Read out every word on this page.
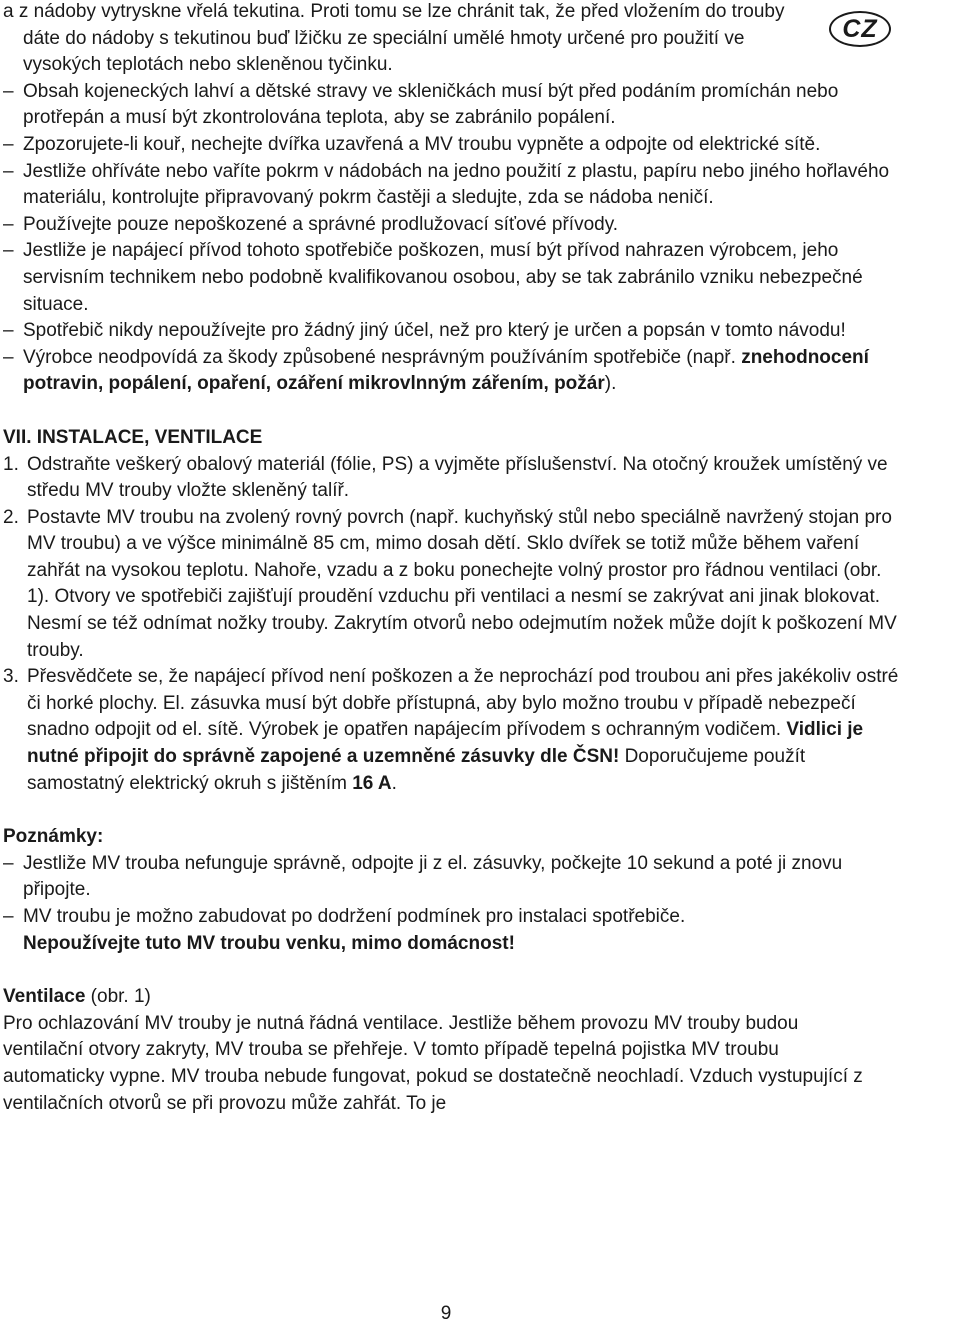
CZ

a z nádoby vytryskne vřelá tekutina. Proti tomu se lze chránit tak, že před vložením do trouby dáte do nádoby s tekutinou buď lžičku ze speciální umělé hmoty určené pro použití ve vysokých teplotách nebo skleněnou tyčinku.

– Obsah kojeneckých lahví a dětské stravy ve skleničkách musí být před podáním promíchán nebo protřepán a musí být zkontrolována teplota, aby se zabránilo popálení.
– Zpozorujete-li kouř, nechejte dvířka uzavřená a MV troubu vypněte a odpojte od elektrické sítě.
– Jestliže ohříváte nebo vaříte pokrm v nádobách na jedno použití z plastu, papíru nebo jiného hořlavého materiálu, kontrolujte připravovaný pokrm častěji a sledujte, zda se nádoba neničí.
– Používejte pouze nepoškozené a správné prodlužovací síťové přívody.
– Jestliže je napájecí přívod tohoto spotřebiče poškozen, musí být přívod nahrazen výrobcem, jeho servisním technikem nebo podobně kvalifikovanou osobou, aby se tak zabránilo vzniku nebezpečné situace.
– Spotřebič nikdy nepoužívejte pro žádný jiný účel, než pro který je určen a popsán v tomto návodu!
– Výrobce neodpovídá za škody způsobené nesprávným používáním spotřebiče (např. znehodnocení potravin, popálení, opaření, ozáření mikrovlnným zářením, požár).
VII. INSTALACE, VENTILACE
1. Odstraňte veškerý obalový materiál (fólie, PS) a vyjměte příslušenství. Na otočný kroužek umístěný ve středu MV trouby vložte skleněný talíř.
2. Postavte MV troubu na zvolený rovný povrch (např. kuchyňský stůl nebo speciálně navržený stojan pro MV troubu) a ve výšce minimálně 85 cm, mimo dosah dětí. Sklo dvířek se totiž může během vaření zahřát na vysokou teplotu. Nahoře, vzadu a z boku ponechejte volný prostor pro řádnou ventilaci (obr. 1). Otvory ve spotřebiči zajišťují proudění vzduchu při ventilaci a nesmí se zakrývat ani jinak blokovat. Nesmí se též odnímat nožky trouby. Zakrytím otvorů nebo odejmutím nožek může dojít k poškození MV trouby.
3. Přesvědčete se, že napájecí přívod není poškozen a že neprochází pod troubou ani přes jakékoliv ostré či horké plochy. El. zásuvka musí být dobře přístupná, aby bylo možno troubu v případě nebezpečí snadno odpojit od el. sítě. Výrobek je opatřen napájecím přívodem s ochranným vodičem. Vidlici je nutné připojit do správně zapojené a uzemněné zásuvky dle ČSN! Doporučujeme použít samostatný elektrický okruh s jištěním 16 A.
Poznámky:
– Jestliže MV trouba nefunguje správně, odpojte ji z el. zásuvky, počkejte 10 sekund a poté ji znovu připojte.
– MV troubu je možno zabudovat po dodržení podmínek pro instalaci spotřebiče.
Nepoužívejte tuto MV troubu venku, mimo domácnost!

Ventilace (obr. 1)

Pro ochlazování MV trouby je nutná řádná ventilace. Jestliže během provozu MV trouby budou ventilační otvory zakryty, MV trouba se přehřeje. V tomto případě tepelná pojistka MV troubu automaticky vypne. MV trouba nebude fungovat, pokud se dostatečně neochladí. Vzduch vystupující z ventilačních otvorů se při provozu může zahřát. To je

9
